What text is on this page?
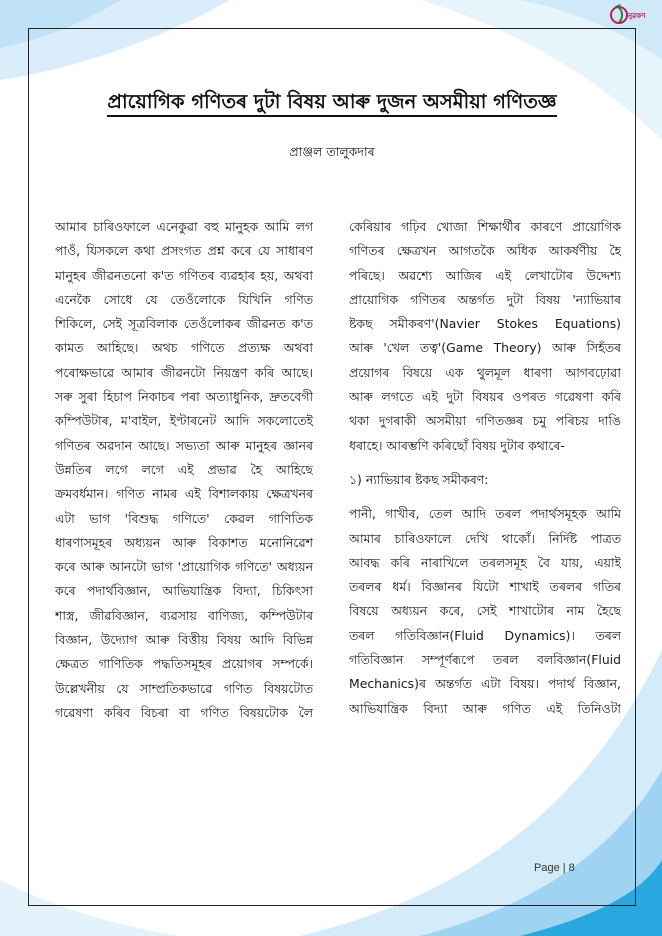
নুৱকণ
প্ৰায়োগিক গণিতৰ দুটা বিষয় আৰু দুজন অসমীয়া গণিতজ্ঞ
প্ৰাঞ্জল তালুকদাৰ
আমাৰ চাৰিওফালে এনেকুৱা বহু মানুহক আমি লগ
পাওঁ, যিসকলে কথা প্ৰসংগত প্ৰশ্ন কৰে যে সাধাৰণ
মানুহৰ জীৱনতনো ক'ত গণিতৰ ব্যৱহাৰ হয়, অথবা
এনেকৈ সোধে যে তেওঁলোকে যিখিনি গণিত
শিকিলে, সেই সূত্ৰবিলাক তেওঁলোকৰ জীৱনত ক'ত
কামত আহিছে। অথচ গণিতে প্ৰত্যক্ষ অথবা
পৰোক্ষভাৱে আমাৰ জীৱনটো নিয়ন্ত্ৰণ কৰি আছে।
সৰু সুৰা হিচাপ নিকাচৰ পৰা অত্যাধুনিক, দ্ৰুতবেগী
কম্পিউটাৰ, ম'বাইল, ইণ্টাৰনেট আদি সকলোতেই
গণিতৰ অৱদান আছে। সভ্যতা আৰু মানুহৰ জ্ঞানৰ
উন্নতিৰ লগে লগে এই প্ৰভাৱ হৈ আহিছে
ক্ৰমবৰ্ধমান। গণিত নামৰ এই বিশালকায় ক্ষেত্ৰখনৰ
এটা ভাগ 'বিশুদ্ধ গণিতে' কেৱল গাণিতিক
ধাৰণাসমূহৰ অধ্যয়ন আৰু বিকাশত মনোনিৱেশ
কৰে আৰু আনটো ভাগ 'প্ৰায়োগিক গণিতে' অধ্যয়ন
কৰে পদাৰ্থবিজ্ঞান, আভিযান্ত্ৰিক বিদ্যা, চিকিৎসা
শাস্ত্ৰ, জীৱবিজ্ঞান, ব্যৱসায় বাণিজ্য, কম্পিউটাৰ
বিজ্ঞান, উদ্যোগ আৰু বিত্তীয় বিষয় আদি বিভিন্ন
ক্ষেত্ৰত গাণিতিক পদ্ধতিসমূহৰ প্ৰয়োগৰ সম্পৰ্কে।
উল্লেখনীয় যে সাম্প্ৰতিকভাৱে গণিত বিষয়টোত
গৱেষণা কৰিব বিচৰা বা গণিত বিষয়টোক লৈ
কেৰিয়াৰ গঢ়িব খোজা শিক্ষাৰ্থীৰ কাৰণে প্ৰায়োগিক
গণিতৰ ক্ষেত্ৰখন আগতকৈ অধিক আকৰ্ষণীয় হৈ
পৰিছে। অৱশ্যে আজিৰ এই লেখাটোৰ উদ্দেশ্য
প্ৰায়োগিক গণিতৰ অন্তৰ্গত দুটা বিষয় 'ন্যাভিয়াৰ
ষ্টকছ সমীকৰণ'(Navier Stokes Equations)
আৰু 'খেল তত্ব'(Game Theory) আৰু সিহঁতৰ
প্ৰয়োগৰ বিষয়ে এক থুলমূল ধাৰণা আগবঢ়োৱা
আৰু লগতে এই দুটা বিষয়ৰ ওপৰত গৱেষণা কৰি
থকা দুগৰাকী অসমীয়া গণিতজ্ঞৰ চমু পৰিচয় দাঙি
ধৰাহে। আৰম্ভণি কৰিছোঁ বিষয় দুটাৰ কথাৰে-
১) ন্যাভিয়াৰ ষ্টকছ সমীকৰণ:
পানী, গাখীৰ, তেল আদি তৰল পদাৰ্থসমূহক আমি
আমাৰ চাৰিওফালে দেখি থাকোঁ। নিৰ্দিষ্ট পাত্ৰত
আবদ্ধ কৰি নাৰাখিলে তৰলসমূহ বৈ যায়, এয়াই
তৰলৰ ধৰ্ম। বিজ্ঞানৰ যিটো শাখাই তৰলৰ গতিৰ
বিষয়ে অধ্যয়ন কৰে, সেই শাখাটোৰ নাম হৈছে
তৰল গতিবিজ্ঞান(Fluid Dynamics)। তৰল
গতিবিজ্ঞান সম্পূৰ্ণৰূপে তৰল বলবিজ্ঞান(Fluid
Mechanics)ৰ অন্তৰ্গত এটা বিষয়। পদাৰ্থ বিজ্ঞান,
আভিযান্ত্ৰিক বিদ্যা আৰু গণিত এই তিনিওটা
Page | 8
